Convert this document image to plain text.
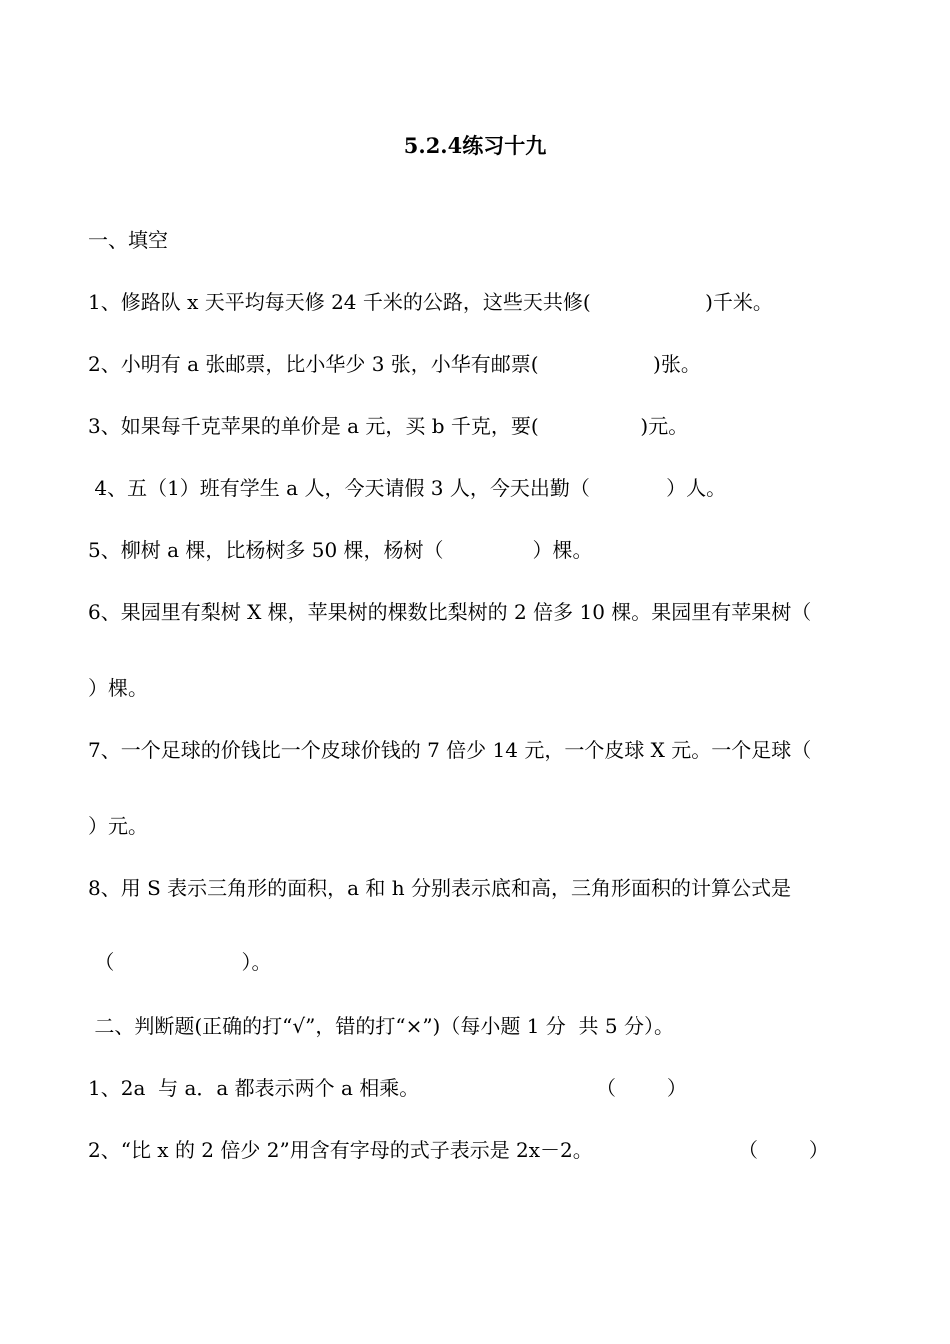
5.2.4练习十九
一、填空
1、修路队 x 天平均每天修 24 千米的公路，这些天共修(                  )千米。
2、小明有 a 张邮票，比小华少 3 张，小华有邮票(                  )张。
3、如果每千克苹果的单价是 a 元，买 b 千克，要(                )元。
4、五（1）班有学生 a 人，今天请假 3 人，今天出勤（            ）人。
5、柳树 a 棵，比杨树多 50 棵，杨树（              ）棵。
6、果园里有梨树 X 棵，苹果树的棵数比梨树的 2 倍多 10 棵。果园里有苹果树（
）棵。
7、一个足球的价钱比一个皮球价钱的 7 倍少 14 元，一个皮球 X 元。一个足球（
）元。
8、用 S 表示三角形的面积，a 和 h 分别表示底和高，三角形面积的计算公式是
（                    ）。
二、判断题(正确的打“√”，错的打“×”)（每小题 1 分  共 5 分）。
1、2a  与 a．a 都表示两个 a 相乘。	（        ）
2、“比 x 的 2 倍少 2”用含有字母的式子表示是 2x－2。	（        ）
